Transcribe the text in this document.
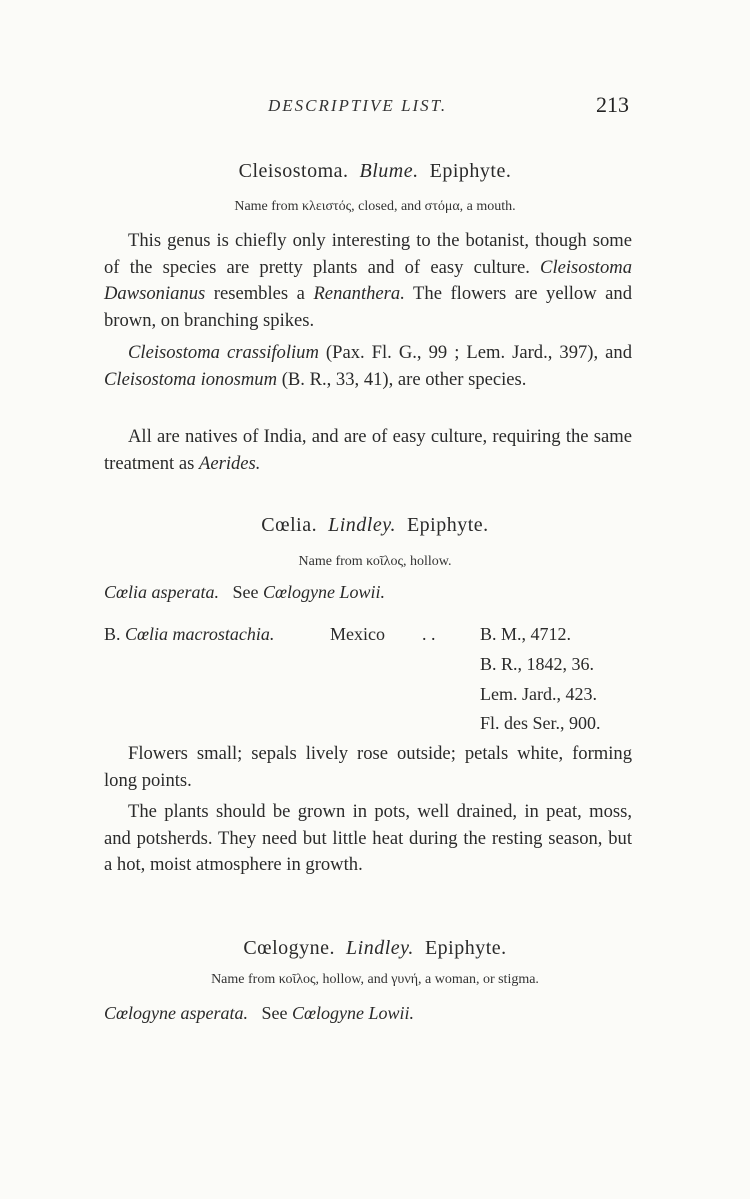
DESCRIPTIVE LIST.	213
Cleisostoma. Blume. Epiphyte.
Name from κλειστός, closed, and στόμα, a mouth.

This genus is chiefly only interesting to the botanist, though some of the species are pretty plants and of easy culture. Cleisostoma Dawsonianus resembles a Renanthera. The flowers are yellow and brown, on branching spikes.

Cleisostoma crassifolium (Pax. Fl. G., 99 ; Lem. Jard., 397), and Cleisostoma ionosmum (B. R., 33, 41), are other species.

All are natives of India, and are of easy culture, requiring the same treatment as Aerides.

Cœlia. Lindley. Epiphyte.
Name from κοῖλος, hollow.
Cœlia asperata. See Cœlogyne Lowii.
B. Cœlia macrostachia.	Mexico . . B. M., 4712.
B. R., 1842, 36.
Lem. Jard., 423.
Fl. des Ser., 900.

Flowers small; sepals lively rose outside; petals white, forming long points.

The plants should be grown in pots, well drained, in peat, moss, and potsherds. They need but little heat during the resting season, but a hot, moist atmosphere in growth.

Cœlogyne. Lindley. Epiphyte.
Name from κοῖλος, hollow, and γυνή, a woman, or stigma.
Cœlogyne asperata. See Cœlogyne Lowii.
